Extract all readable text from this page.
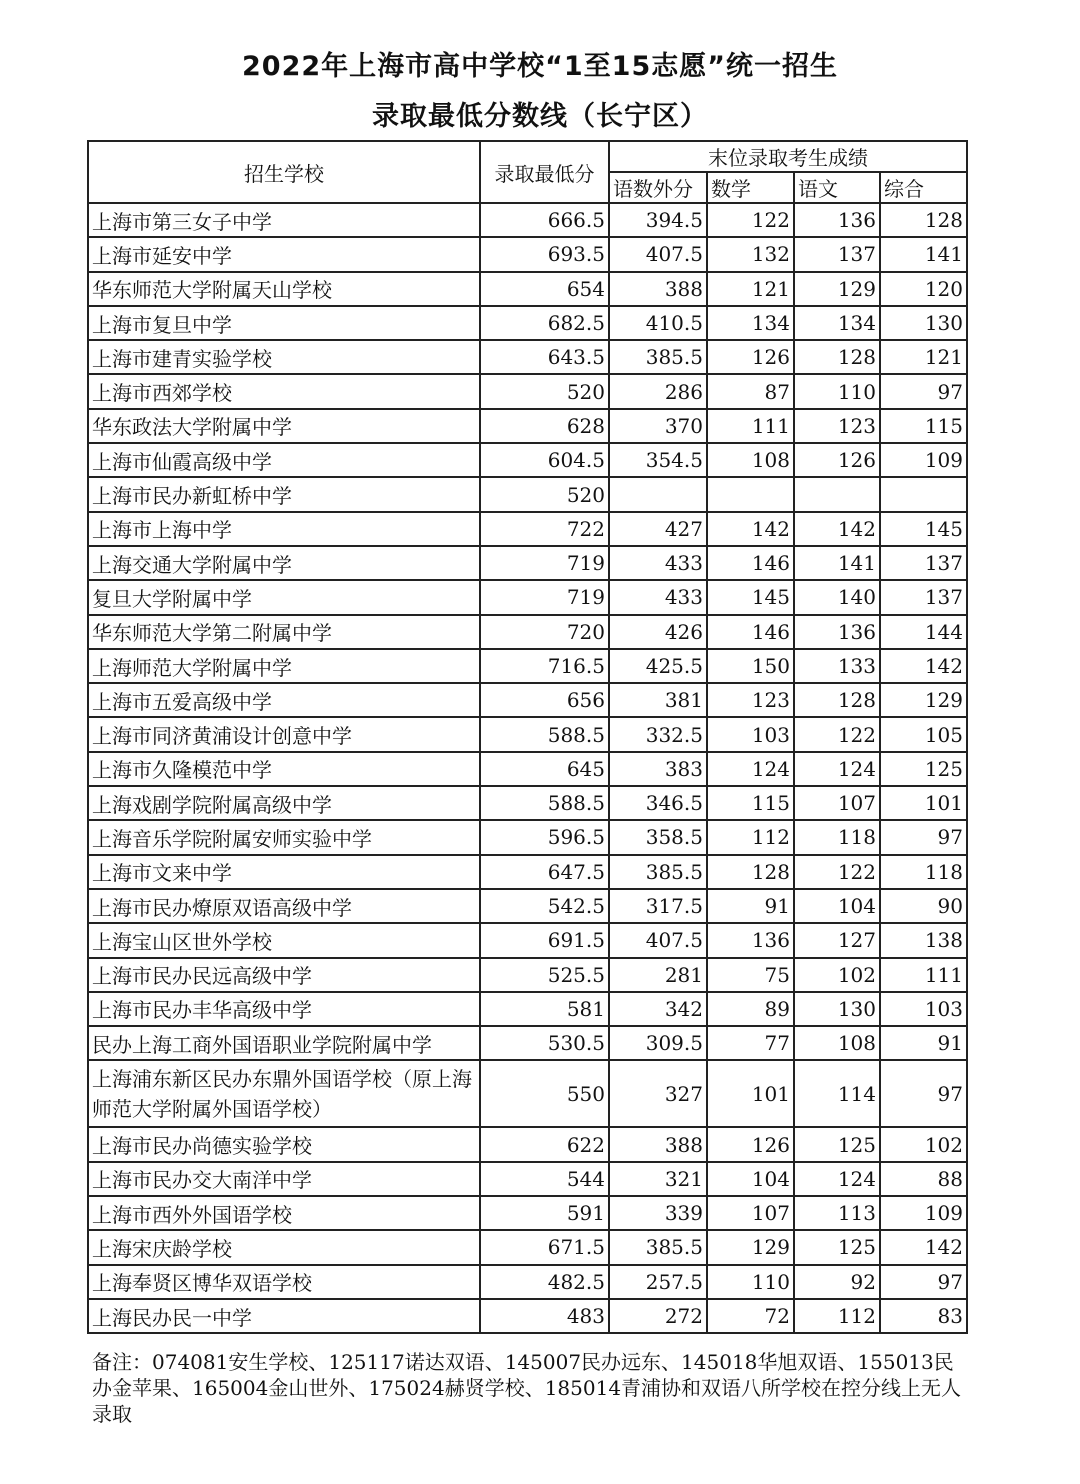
2022年上海市高中学校“1至15志愿”统一招生
录取最低分数线（长宁区）
招生学校	录取最低分	末位录取考生成绩			
		语数外分	数学	语文	综合
上海市第三女子中学	666.5	394.5	122	136	128
上海市延安中学	693.5	407.5	132	137	141
华东师范大学附属天山学校	654	388	121	129	120
上海市复旦中学	682.5	410.5	134	134	130
上海市建青实验学校	643.5	385.5	126	128	121
上海市西郊学校	520	286	87	110	97
华东政法大学附属中学	628	370	111	123	115
上海市仙霞高级中学	604.5	354.5	108	126	109
上海市民办新虹桥中学	520				
上海市上海中学	722	427	142	142	145
上海交通大学附属中学	719	433	146	141	137
复旦大学附属中学	719	433	145	140	137
华东师范大学第二附属中学	720	426	146	136	144
上海师范大学附属中学	716.5	425.5	150	133	142
上海市五爱高级中学	656	381	123	128	129
上海市同济黄浦设计创意中学	588.5	332.5	103	122	105
上海市久隆模范中学	645	383	124	124	125
上海戏剧学院附属高级中学	588.5	346.5	115	107	101
上海音乐学院附属安师实验中学	596.5	358.5	112	118	97
上海市文来中学	647.5	385.5	128	122	118
上海市民办燎原双语高级中学	542.5	317.5	91	104	90
上海宝山区世外学校	691.5	407.5	136	127	138
上海市民办民远高级中学	525.5	281	75	102	111
上海市民办丰华高级中学	581	342	89	130	103
民办上海工商外国语职业学院附属中学	530.5	309.5	77	108	91
上海浦东新区民办东鼎外国语学校（原上海师范大学附属外国语学校）	550	327	101	114	97
上海市民办尚德实验学校	622	388	126	125	102
上海市民办交大南洋中学	544	321	104	124	88
上海市西外外国语学校	591	339	107	113	109
上海宋庆龄学校	671.5	385.5	129	125	142
上海奉贤区博华双语学校	482.5	257.5	110	92	97
上海民办民一中学	483	272	72	112	83
备注：074081安生学校、125117诺达双语、145007民办远东、145018华旭双语、155013民办金苹果、165004金山世外、175024赫贤学校、185014青浦协和双语八所学校在控分线上无人录取
